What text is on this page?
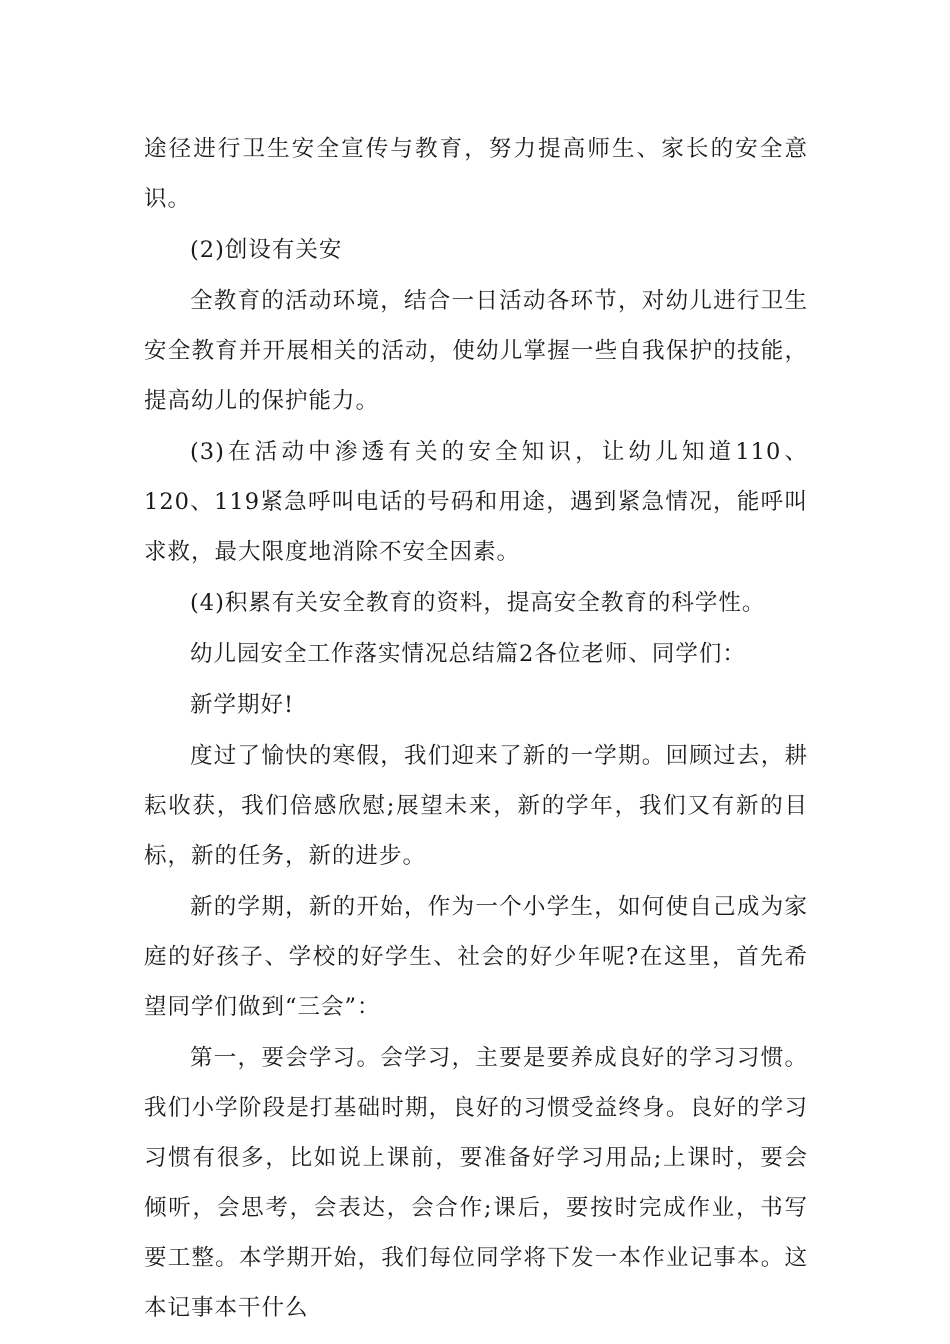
途径进行卫生安全宣传与教育，努力提高师生、家长的安全意识。

(2)创设有关安

全教育的活动环境，结合一日活动各环节，对幼儿进行卫生安全教育并开展相关的活动，使幼儿掌握一些自我保护的技能，提高幼儿的保护能力。

(3)在活动中渗透有关的安全知识，让幼儿知道110、120、119紧急呼叫电话的号码和用途，遇到紧急情况，能呼叫求救，最大限度地消除不安全因素。

(4)积累有关安全教育的资料，提高安全教育的科学性。

幼儿园安全工作落实情况总结篇2各位老师、同学们：

新学期好!

度过了愉快的寒假，我们迎来了新的一学期。回顾过去，耕耘收获，我们倍感欣慰;展望未来，新的学年，我们又有新的目标，新的任务，新的进步。

新的学期，新的开始，作为一个小学生，如何使自己成为家庭的好孩子、学校的好学生、社会的好少年呢?在这里，首先希望同学们做到“三会”：

第一，要会学习。会学习，主要是要养成良好的学习习惯。我们小学阶段是打基础时期，良好的习惯受益终身。良好的学习习惯有很多，比如说上课前，要准备好学习用品;上课时，要会倾听，会思考，会表达，会合作;课后，要按时完成作业，书写要工整。本学期开始，我们每位同学将下发一本作业记事本。这本记事本干什么
